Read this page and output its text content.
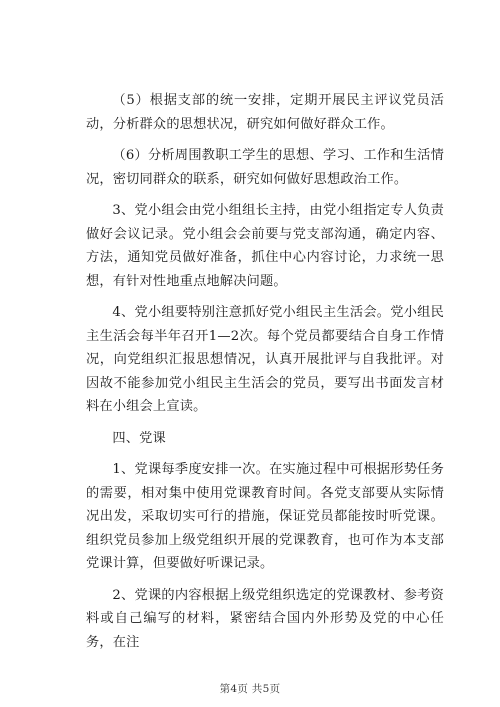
（5）根据支部的统一安排，定期开展民主评议党员活动，分析群众的思想状况，研究如何做好群众工作。

（6）分析周围教职工学生的思想、学习、工作和生活情况，密切同群众的联系，研究如何做好思想政治工作。

3、党小组会由党小组组长主持，由党小组指定专人负责做好会议记录。党小组会会前要与党支部沟通，确定内容、方法，通知党员做好准备，抓住中心内容讨论，力求统一思想，有针对性地重点地解决问题。

4、党小组要特别注意抓好党小组民主生活会。党小组民主生活会每半年召开1—2次。每个党员都要结合自身工作情况，向党组织汇报思想情况，认真开展批评与自我批评。对因故不能参加党小组民主生活会的党员，要写出书面发言材料在小组会上宣读。

四、党课

1、党课每季度安排一次。在实施过程中可根据形势任务的需要，相对集中使用党课教育时间。各党支部要从实际情况出发，采取切实可行的措施，保证党员都能按时听党课。组织党员参加上级党组织开展的党课教育，也可作为本支部党课计算，但要做好听课记录。

2、党课的内容根据上级党组织选定的党课教材、参考资料或自己编写的材料，紧密结合国内外形势及党的中心任务，在注

第4页 共5页
